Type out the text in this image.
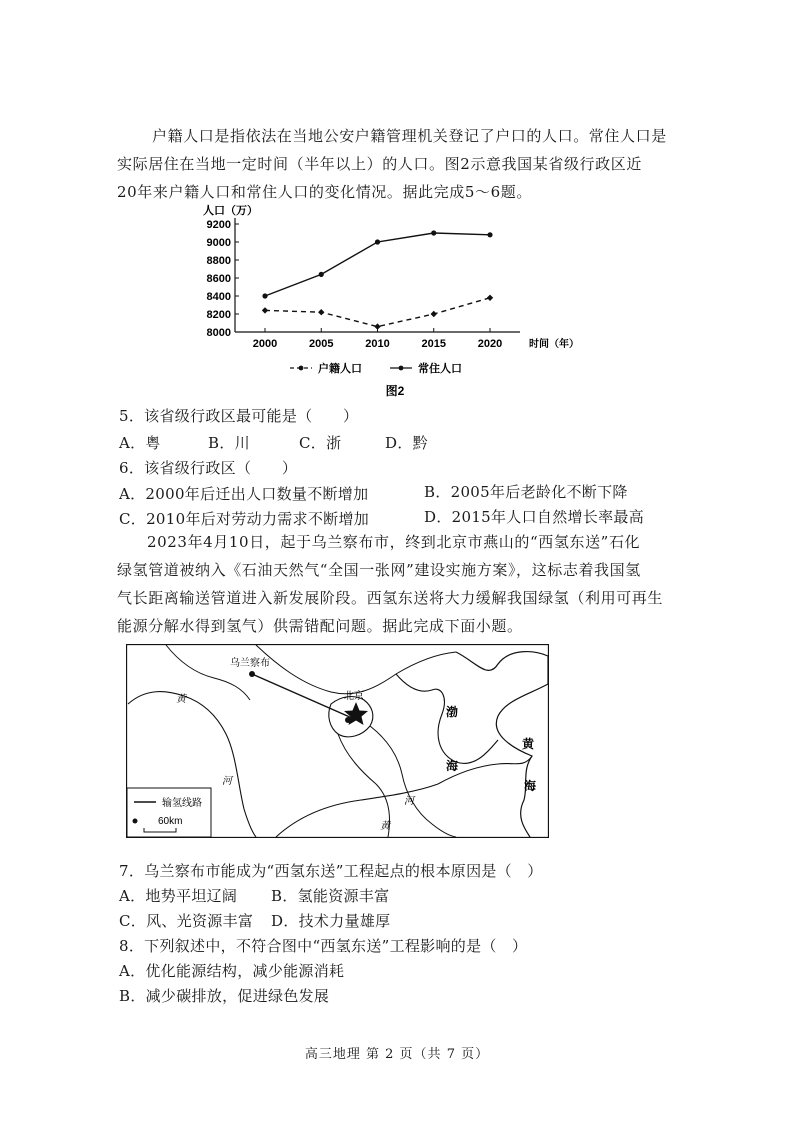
户籍人口是指依法在当地公安户籍管理机关登记了户口的人口。常住人口是
实际居住在当地一定时间（半年以上）的人口。图2示意我国某省级行政区近
20年来户籍人口和常住人口的变化情况。据此完成5～6题。
8000
8200
8400
8600
8800
9000
9200
2000	2005	2010	2015	2020
人口（万）
时间（年）
户籍人口	常住人口
图2
5．该省级行政区最可能是（　　）
A．粤	B．川	C．浙	D．黔
6．该省级行政区（　　）
A．2000年后迁出人口数量不断增加	B．2005年后老龄化不断下降
C．2010年后对劳动力需求不断增加	D．2015年人口自然增长率最高
2023年4月10日，起于乌兰察布市，终到北京市燕山的“西氢东送”石化
绿氢管道被纳入《石油天然气“全国一张网”建设实施方案》，这标志着我国氢
气长距离输送管道进入新发展阶段。西氢东送将大力缓解我国绿氢（利用可再生
能源分解水得到氢气）供需错配问题。据此完成下面小题。
乌兰察布
北京
黄
河
河
黄
渤
海
黄
海
输氢线路
60km
7．乌兰察布市能成为“西氢东送”工程起点的根本原因是（　）
A．地势平坦辽阔 B．氢能资源丰富
C．风、光资源丰富 D．技术力量雄厚
8．下列叙述中，不符合图中“西氢东送”工程影响的是（　）
A．优化能源结构，减少能源消耗
B．减少碳排放，促进绿色发展
高三地理 第 2 页（共 7 页）
